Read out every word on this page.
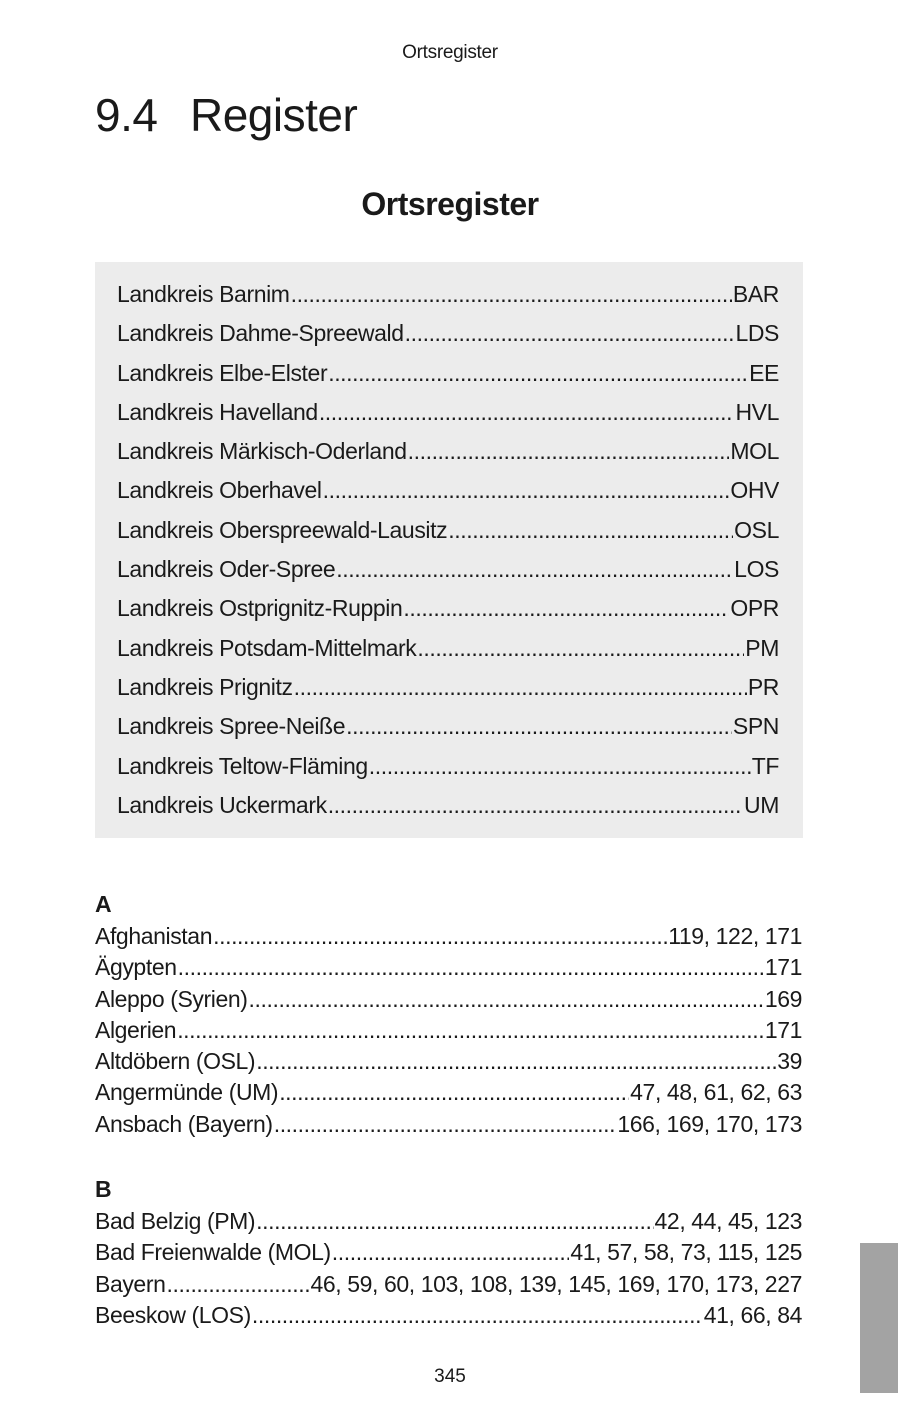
Ortsregister
9.4 Register
Ortsregister
Landkreis Barnim .....	BAR
Landkreis Dahme-Spreewald .....	LDS
Landkreis Elbe-Elster .....	EE
Landkreis Havelland .....	HVL
Landkreis Märkisch-Oderland .....	MOL
Landkreis Oberhavel .....	OHV
Landkreis Oberspreewald-Lausitz .....	OSL
Landkreis Oder-Spree .....	LOS
Landkreis Ostprignitz-Ruppin .....	OPR
Landkreis Potsdam-Mittelmark .....	PM
Landkreis Prignitz .....	PR
Landkreis Spree-Neiße .....	SPN
Landkreis Teltow-Fläming .....	TF
Landkreis Uckermark .....	UM
A
Afghanistan .....	119, 122, 171
Ägypten .....	171
Aleppo (Syrien) .....	169
Algerien .....	171
Altdöbern (OSL) .....	39
Angermünde (UM) .....	47, 48, 61, 62, 63
Ansbach (Bayern) .....	166, 169, 170, 173
B
Bad Belzig (PM) .....	42, 44, 45, 123
Bad Freienwalde (MOL) .....	41, 57, 58, 73, 115, 125
Bayern .....	46, 59, 60, 103, 108, 139, 145, 169, 170, 173, 227
Beeskow (LOS) .....	41, 66, 84
345
